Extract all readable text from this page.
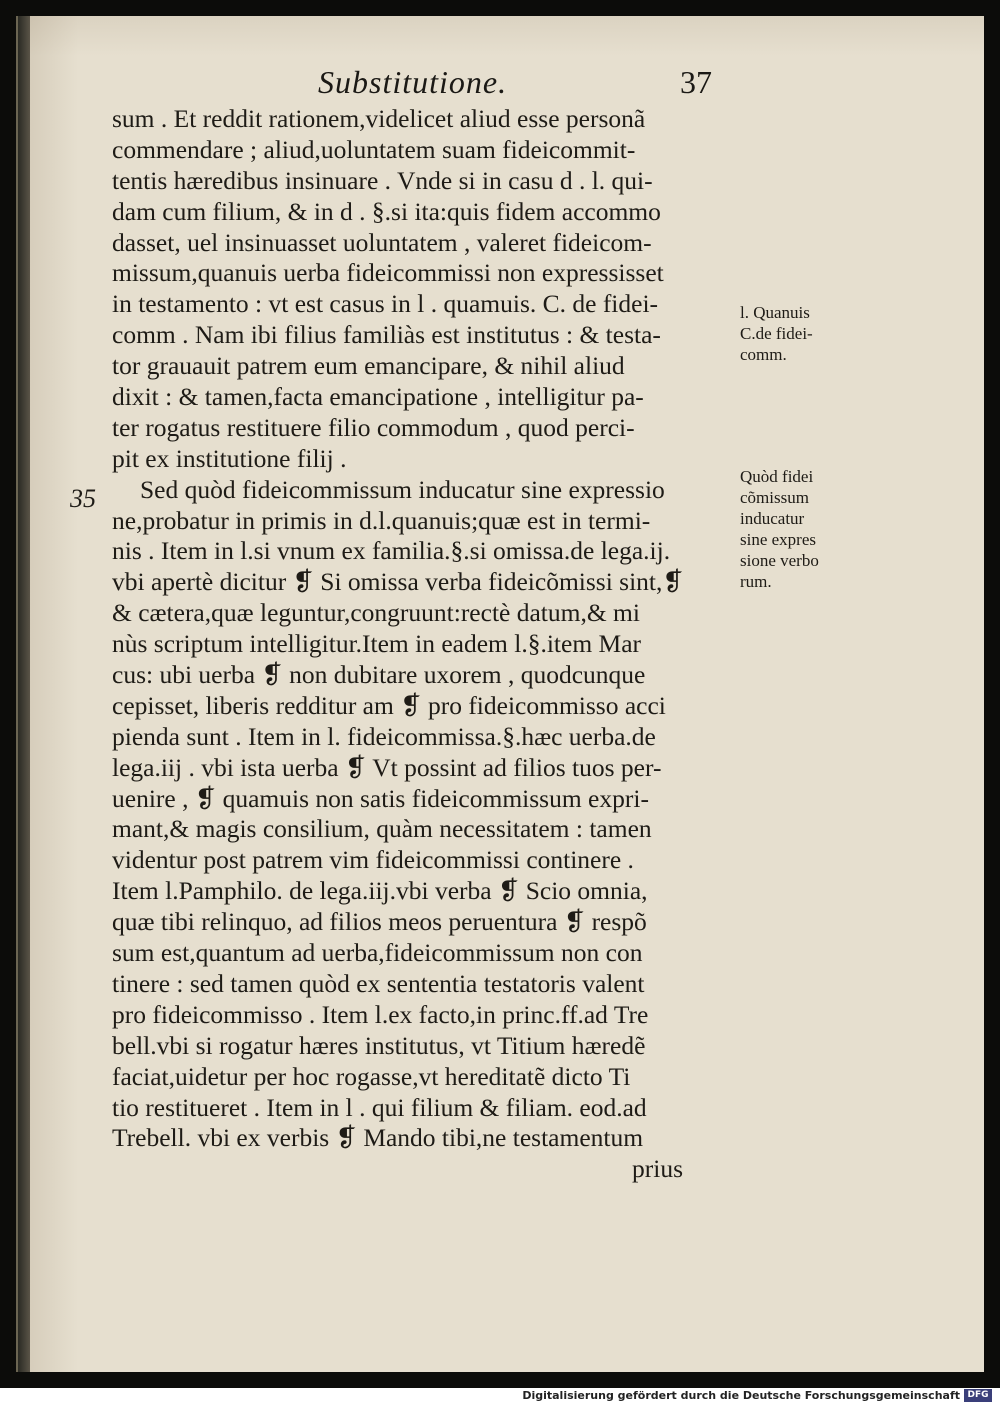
Substitutione.	37
35
sum . Et reddit rationem,videlicet aliud esse personã
commendare ; aliud,uoluntatem suam fideicommit-
tentis hæredibus insinuare . Vnde si in casu d . l. qui-
dam cum filium, & in d . §.si ita:quis fidem accommo
dasset, uel insinuasset uoluntatem , valeret fideicom-
missum,quanuis uerba fideicommissi non expressisset
in testamento : vt est casus in l . quamuis. C. de fidei-
comm . Nam ibi filius familiàs est institutus : & testa-
tor grauauit patrem eum emancipare, & nihil aliud
dixit : & tamen,facta emancipatione , intelligitur pa-
ter rogatus restituere filio commodum , quod perci-
pit ex institutione filij .
Sed quòd fideicommissum inducatur sine expressio
ne,probatur in primis in d.l.quanuis;quæ est in termi-
nis . Item in l.si vnum ex familia.§.si omissa.de lega.ij.
vbi apertè dicitur ❡ Si omissa verba fideicõmissi sint,❡
& cætera,quæ leguntur,congruunt:rectè datum,& mi
nùs scriptum intelligitur.Item in eadem l.§.item Mar
cus: ubi uerba ❡ non dubitare uxorem , quodcunque
cepisset, liberis redditur am ❡ pro fideicommisso acci
pienda sunt . Item in l. fideicommissa.§.hæc uerba.de
lega.iij . vbi ista uerba ❡ Vt possint ad filios tuos per-
uenire , ❡ quamuis non satis fideicommissum expri-
mant,& magis consilium, quàm necessitatem : tamen
videntur post patrem vim fideicommissi continere .
Item l.Pamphilo. de lega.iij.vbi verba ❡ Scio omnia,
quæ tibi relinquo, ad filios meos peruentura ❡ respõ
sum est,quantum ad uerba,fideicommissum non con
tinere : sed tamen quòd ex sententia testatoris valent
pro fideicommisso . Item l.ex facto,in princ.ff.ad Tre
bell.vbi si rogatur hæres institutus, vt Titium hæredẽ
faciat,uidetur per hoc rogasse,vt hereditatẽ dicto Ti
tio restitueret . Item in l . qui filium & filiam. eod.ad
Trebell. vbi ex verbis ❡ Mando tibi,ne testamentum
prius
l. Quanuis
C.de fidei-
comm.
Quòd fidei
cõmissum
inducatur
sine expres
sione verbo
rum.
Digitalisierung gefördert durch die Deutsche Forschungsgemeinschaft DFG
